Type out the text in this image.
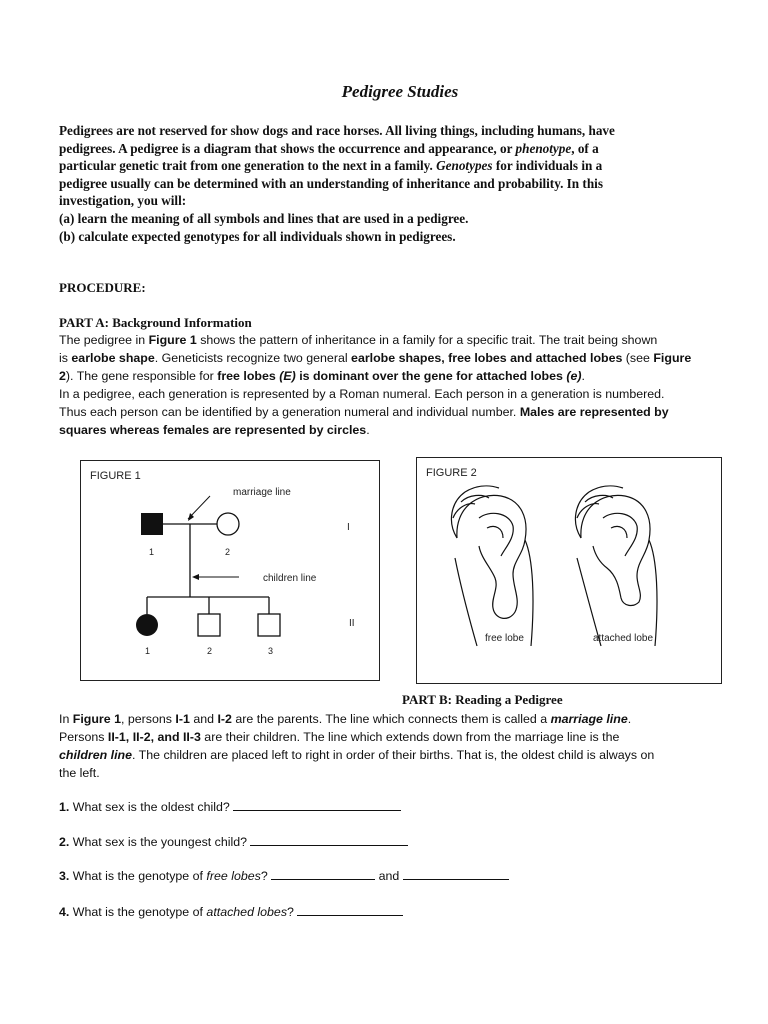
Pedigree Studies

Pedigrees are not reserved for show dogs and race horses. All living things, including humans, have

pedigrees. A pedigree is a diagram that shows the occurrence and appearance, or phenotype, of a

particular genetic trait from one generation to the next in a family. Genotypes for individuals in a

pedigree usually can be determined with an understanding of inheritance and probability. In this

investigation, you will:

(a) learn the meaning of all symbols and lines that are used in a pedigree.

(b) calculate expected genotypes for all individuals shown in pedigrees.

PROCEDURE:
PART A: Background Information

The pedigree in Figure 1 shows the pattern of inheritance in a family for a specific trait. The trait being shown

is earlobe shape. Geneticists recognize two general earlobe shapes, free lobes and attached lobes (see Figure

2). The gene responsible for free lobes (E) is dominant over the gene for attached lobes (e).

In a pedigree, each generation is represented by a Roman numeral. Each person in a generation is numbered.

Thus each person can be identified by a generation numeral and individual number. Males are represented by

squares whereas females are represented by circles.

FIGURE 1
marriage line
children line
1	2
1	2	3
I
II
FIGURE 2
free lobe	attached lobe
PART B: Reading a Pedigree

In Figure 1, persons I-1 and I-2 are the parents. The line which connects them is called a marriage line.

Persons II-1, II-2, and II-3 are their children. The line which extends down from the marriage line is the

children line. The children are placed left to right in order of their births. That is, the oldest child is always on

the left.

1. What sex is the oldest child?
2. What sex is the youngest child?
3. What is the genotype of free lobes?	and
4. What is the genotype of attached lobes?
